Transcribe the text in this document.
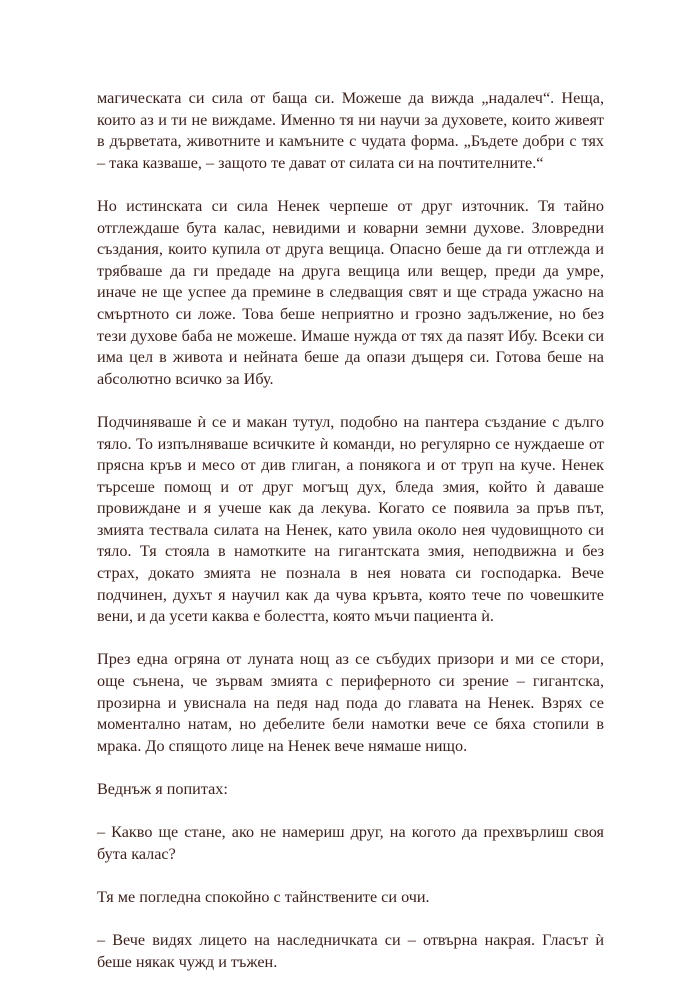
магическата си сила от баща си. Можеше да вижда „надалеч“. Неща, които аз и ти не виждаме. Именно тя ни научи за духовете, които живеят в дърветата, животните и камъните с чудата форма. „Бъдете добри с тях – така казваше, – защото те дават от силата си на почтителните.“

Но истинската си сила Ненек черпеше от друг източник. Тя тайно отглеждаше бута калас, невидими и коварни земни духове. Зловредни създания, които купила от друга вещица. Опасно беше да ги отглежда и трябваше да ги предаде на друга вещица или вещер, преди да умре, иначе не ще успее да премине в следващия свят и ще страда ужасно на смъртното си ложе. Това беше неприятно и грозно задължение, но без тези духове баба не можеше. Имаше нужда от тях да пазят Ибу. Всеки си има цел в живота и нейната беше да опази дъщеря си. Готова беше на абсолютно всичко за Ибу.

Подчиняваше ѝ се и макан тутул, подобно на пантера създание с дълго тяло. То изпълняваше всичките ѝ команди, но регулярно се нуждаеше от прясна кръв и месо от див глиган, а понякога и от труп на куче. Ненек търсеше помощ и от друг могъщ дух, бледа змия, който ѝ даваше провиждане и я учеше как да лекува. Когато се появила за пръв път, змията тествала силата на Ненек, като увила около нея чудовищното си тяло. Тя стояла в намотките на гигантската змия, неподвижна и без страх, докато змията не познала в нея новата си господарка. Вече подчинен, духът я научил как да чува кръвта, която тече по човешките вени, и да усети каква е болестта, която мъчи пациента ѝ.

През една огряна от луната нощ аз се събудих призори и ми се стори, още сънена, че зървам змията с периферното си зрение – гигантска, прозирна и увиснала на педя над пода до главата на Ненек. Взрях се моментално натам, но дебелите бели намотки вече се бяха стопили в мрака. До спящото лице на Ненек вече нямаше нищо.

Веднъж я попитах:

– Какво ще стане, ако не намериш друг, на когото да прехвърлиш своя бута калас?

Тя ме погледна спокойно с тайнствените си очи.

– Вече видях лицето на наследничката си – отвърна накрая. Гласът ѝ беше някак чужд и тъжен.
